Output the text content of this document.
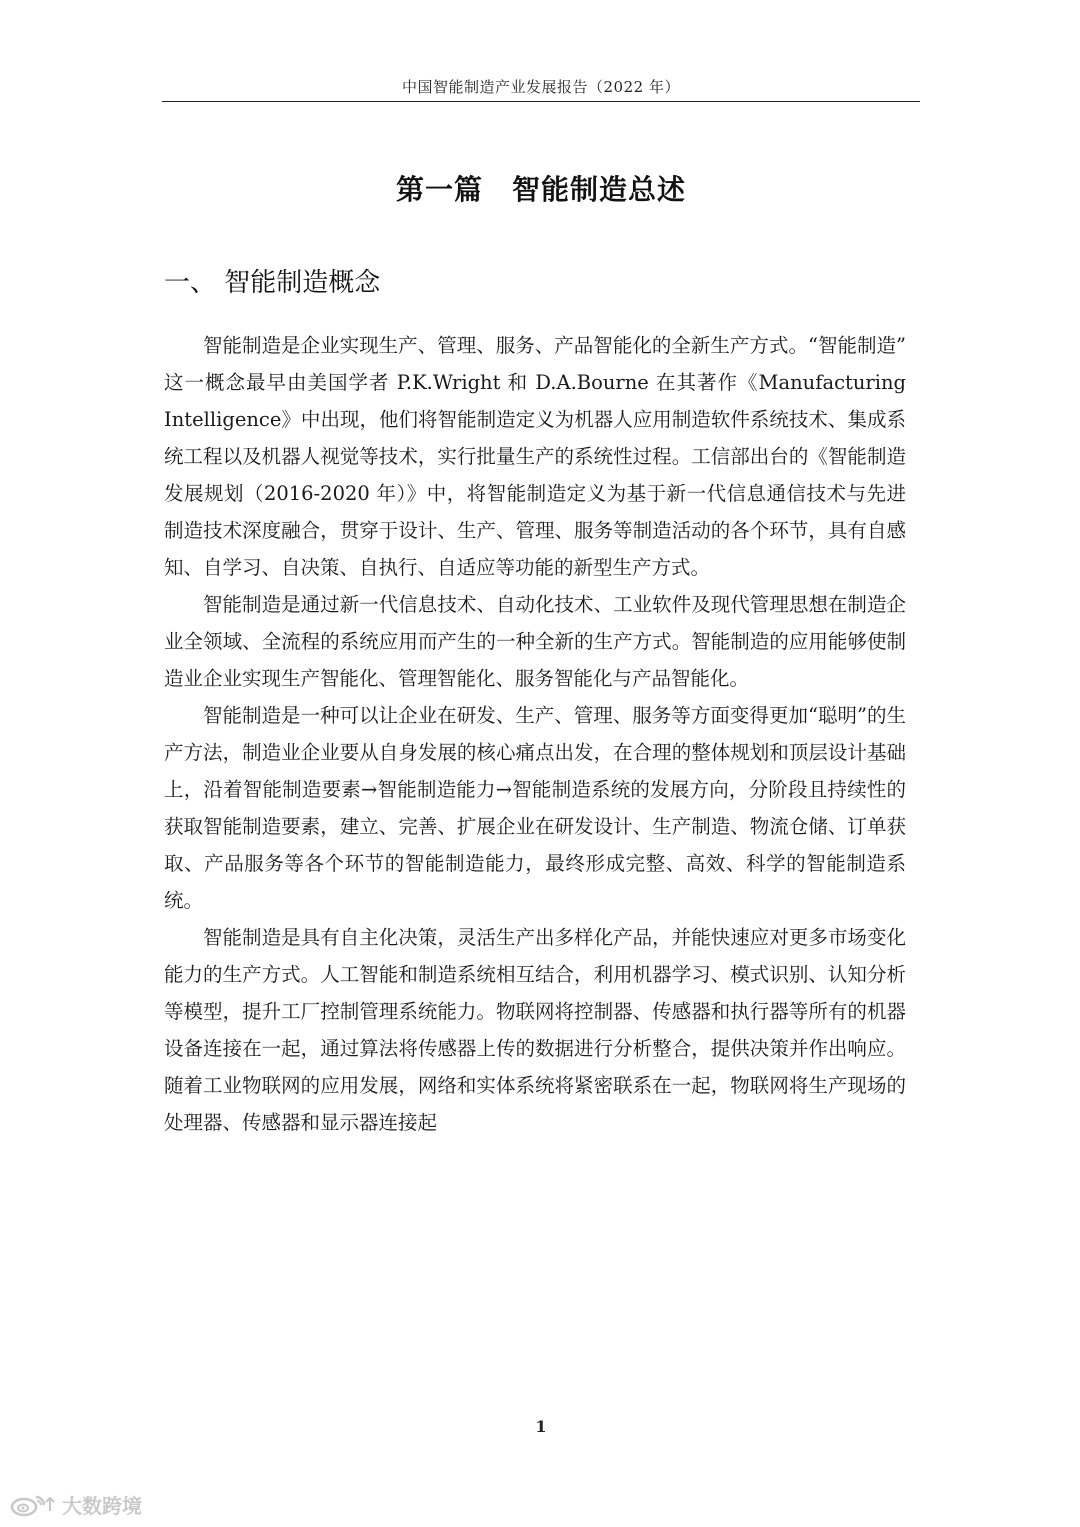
中国智能制造产业发展报告（2022 年）
第一篇　智能制造总述
一、 智能制造概念

智能制造是企业实现生产、管理、服务、产品智能化的全新生产方式。“智能制造” 这一概念最早由美国学者 P.K.Wright 和 D.A.Bourne 在其著作《Manufacturing Intelligence》中出现，他们将智能制造定义为机器人应用制造软件系统技术、集成系统工程以及机器人视觉等技术，实行批量生产的系统性过程。工信部出台的《智能制造发展规划（2016-2020 年）》中，将智能制造定义为基于新一代信息通信技术与先进制造技术深度融合，贯穿于设计、生产、管理、服务等制造活动的各个环节，具有自感知、自学习、自决策、自执行、自适应等功能的新型生产方式。

智能制造是通过新一代信息技术、自动化技术、工业软件及现代管理思想在制造企业全领域、全流程的系统应用而产生的一种全新的生产方式。智能制造的应用能够使制造业企业实现生产智能化、管理智能化、服务智能化与产品智能化。

智能制造是一种可以让企业在研发、生产、管理、服务等方面变得更加“聪明”的生产方法，制造业企业要从自身发展的核心痛点出发，在合理的整体规划和顶层设计基础上，沿着智能制造要素→智能制造能力→智能制造系统的发展方向，分阶段且持续性的获取智能制造要素，建立、完善、扩展企业在研发设计、生产制造、物流仓储、订单获取、产品服务等各个环节的智能制造能力，最终形成完整、高效、科学的智能制造系统。

智能制造是具有自主化决策，灵活生产出多样化产品，并能快速应对更多市场变化能力的生产方式。人工智能和制造系统相互结合，利用机器学习、模式识别、认知分析等模型，提升工厂控制管理系统能力。物联网将控制器、传感器和执行器等所有的机器设备连接在一起，通过算法将传感器上传的数据进行分析整合，提供决策并作出响应。随着工业物联网的应用发展，网络和实体系统将紧密联系在一起，物联网将生产现场的处理器、传感器和显示器连接起

1
大数跨境
